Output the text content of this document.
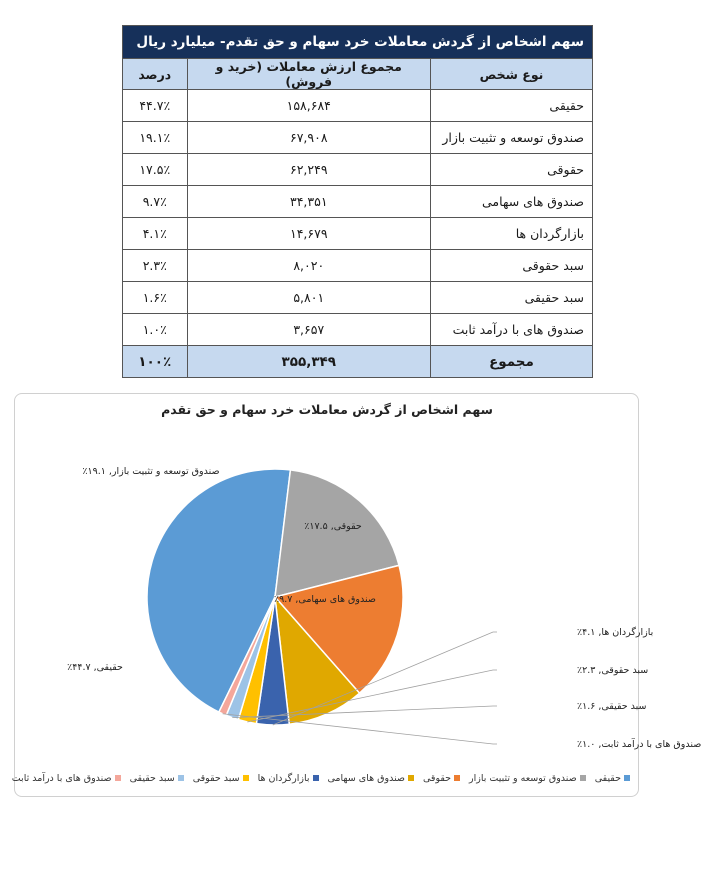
سهم اشخاص از گردش معاملات خرد سهام و حق تقدم- میلیارد ریال		
نوع شخص	مجموع ارزش معاملات (خرید و فروش)	درصد
حقیقی	۱۵۸,۶۸۴	۴۴.۷٪
صندوق توسعه و تثبیت بازار	۶۷,۹۰۸	۱۹.۱٪
حقوقی	۶۲,۲۴۹	۱۷.۵٪
صندوق های سهامی	۳۴,۳۵۱	۹.۷٪
بازارگردان ها	۱۴,۶۷۹	۴.۱٪
سبد حقوقی	۸,۰۲۰	۲.۳٪
سبد حقیقی	۵,۸۰۱	۱.۶٪
صندوق های با درآمد ثابت	۳,۶۵۷	۱.۰٪
مجموع	۳۵۵,۳۴۹	۱۰۰٪
سهم اشخاص از گردش معاملات خرد سهام و حق تقدم
حقیقی, ۴۴.۷٪
صندوق توسعه و تثبیت بازار, ۱۹.۱٪
حقوقی, ۱۷.۵٪
صندوق های سهامی, ۹.۷٪
بازارگردان ها, ۴.۱٪
سبد حقوقی, ۲.۳٪
سبد حقیقی, ۱.۶٪
صندوق های با درآمد ثابت, ۱.۰٪
حقیقی
صندوق توسعه و تثبیت بازار
حقوقی
صندوق های سهامی
بازارگردان ها
سبد حقوقی
سبد حقیقی
صندوق های با درآمد ثابت
